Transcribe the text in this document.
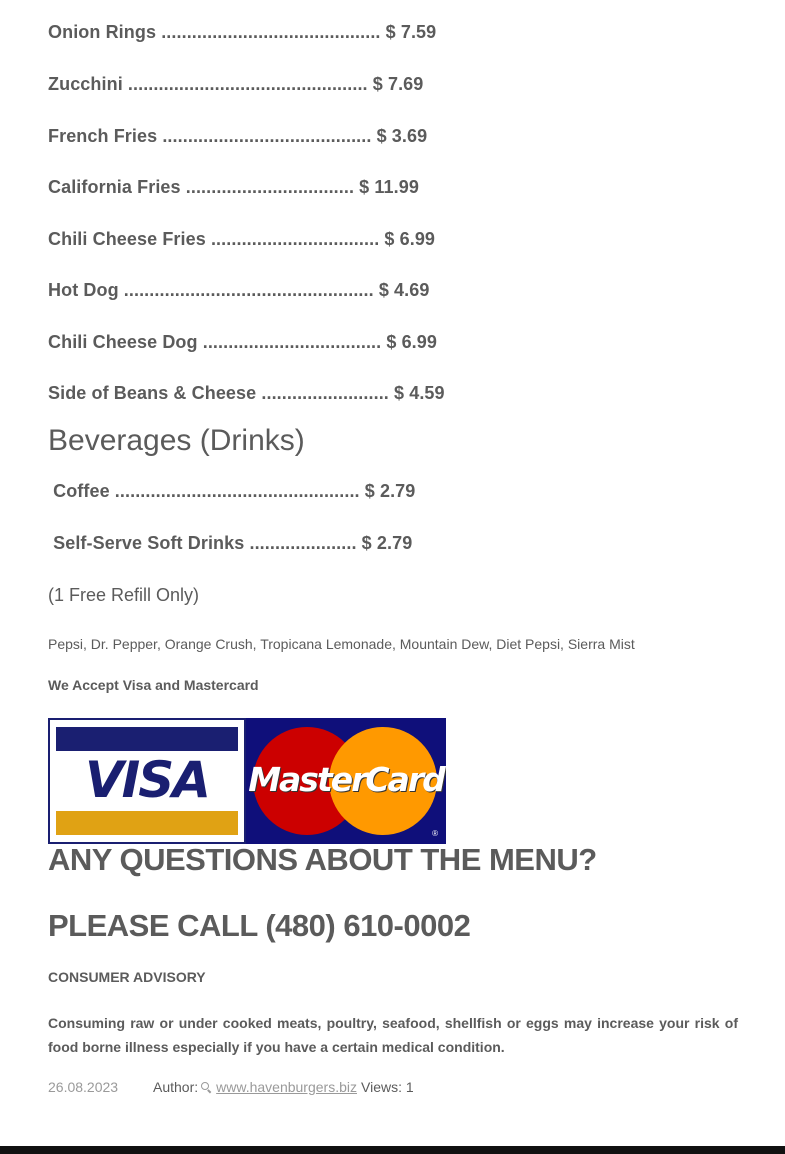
Onion Rings ........................................... $ 7.59
Zucchini ............................................... $ 7.69
French Fries ......................................... $ 3.69
California Fries ................................. $ 11.99
Chili Cheese Fries ................................. $ 6.99
Hot Dog ................................................. $ 4.69
Chili Cheese Dog ................................... $ 6.99
Side of Beans & Cheese ......................... $ 4.59
Beverages (Drinks)
Coffee ................................................ $ 2.79
Self-Serve Soft Drinks ..................... $ 2.79
(1 Free Refill Only)
Pepsi, Dr. Pepper, Orange Crush, Tropicana Lemonade, Mountain Dew, Diet Pepsi, Sierra Mist
We Accept Visa and Mastercard
VISA	MasterCard
®
ANY QUESTIONS ABOUT THE MENU?
PLEASE CALL (480) 610-0002
CONSUMER ADVISORY
Consuming raw or under cooked meats, poultry, seafood, shellfish or eggs may increase your risk of food borne illness especially if you have a certain medical condition.
26.08.2023	Author: www.havenburgers.biz Views: 1
